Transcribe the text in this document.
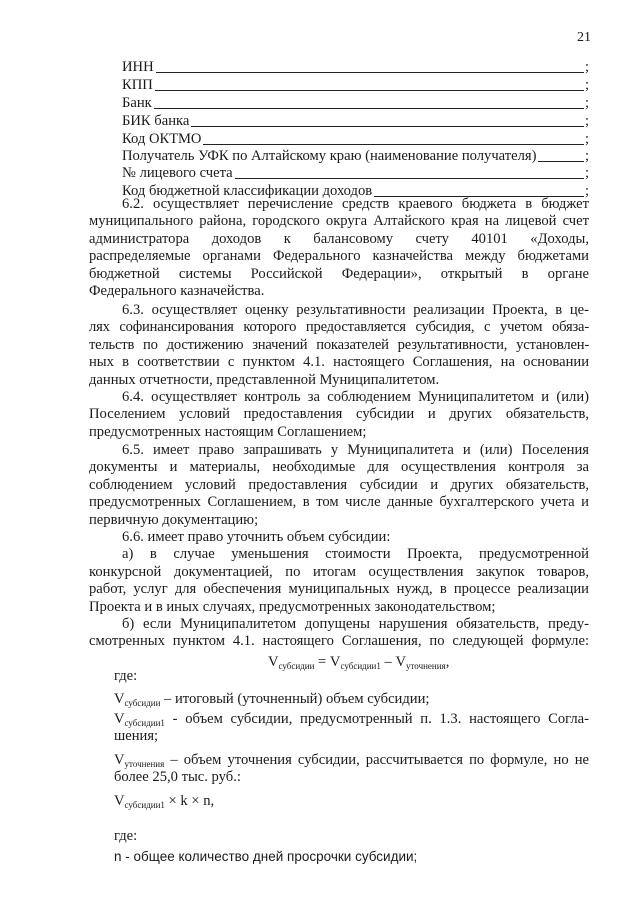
21
ИНН	;
КПП	;
Банк	;
БИК банка	;
Код ОКТМО	;
Получатель УФК по Алтайскому краю (наименование получателя)	;
№ лицевого счета	;
Код бюджетной классификации доходов	;
6.2. осуществляет перечисление средств краевого бюджета в бюджет
муниципального района, городского округа Алтайского края на лицевой счет
администратора доходов к балансовому счету 40101 «Доходы,
распределяемые органами Федерального казначейства между бюджетами
бюджетной системы Российской Федерации», открытый в органе
Федерального казначейства.
6.3. осуществляет оценку результативности реализации Проекта, в це-
лях софинансирования которого предоставляется субсидия, с учетом обяза-
тельств по достижению значений показателей результативности, установлен-
ных в соответствии с пунктом 4.1. настоящего Соглашения, на основании
данных отчетности, представленной Муниципалитетом.
6.4. осуществляет контроль за соблюдением Муниципалитетом и (или)
Поселением условий предоставления субсидии и других обязательств,
предусмотренных настоящим Соглашением;
6.5. имеет право запрашивать у Муниципалитета и (или) Поселения
документы и материалы, необходимые для осуществления контроля за
соблюдением условий предоставления субсидии и других обязательств,
предусмотренных Соглашением, в том числе данные бухгалтерского учета и
первичную документацию;
6.6. имеет право уточнить объем субсидии:
а) в случае уменьшения стоимости Проекта, предусмотренной
конкурсной документацией, по итогам осуществления закупок товаров,
работ, услуг для обеспечения муниципальных нужд, в процессе реализации
Проекта и в иных случаях, предусмотренных законодательством;
б) если Муниципалитетом допущены нарушения обязательств, преду-
смотренных пунктом 4.1. настоящего Соглашения, по следующей формуле:
$V_{субсидии} = V_{субсидии1} - V_{уточнения}$,
где:
$V_{субсидии}$ – итоговый (уточненный) объем субсидии;
$V_{субсидии1}$ - объем субсидии, предусмотренный п. 1.3. настоящего Согла-
шения;
$V_{уточнения}$ – объем уточнения субсидии, рассчитывается по формуле, но не
более 25,0 тыс. руб.:
$V_{субсидии1} \times k \times n$,
где:
n - общее количество дней просрочки субсидии;
